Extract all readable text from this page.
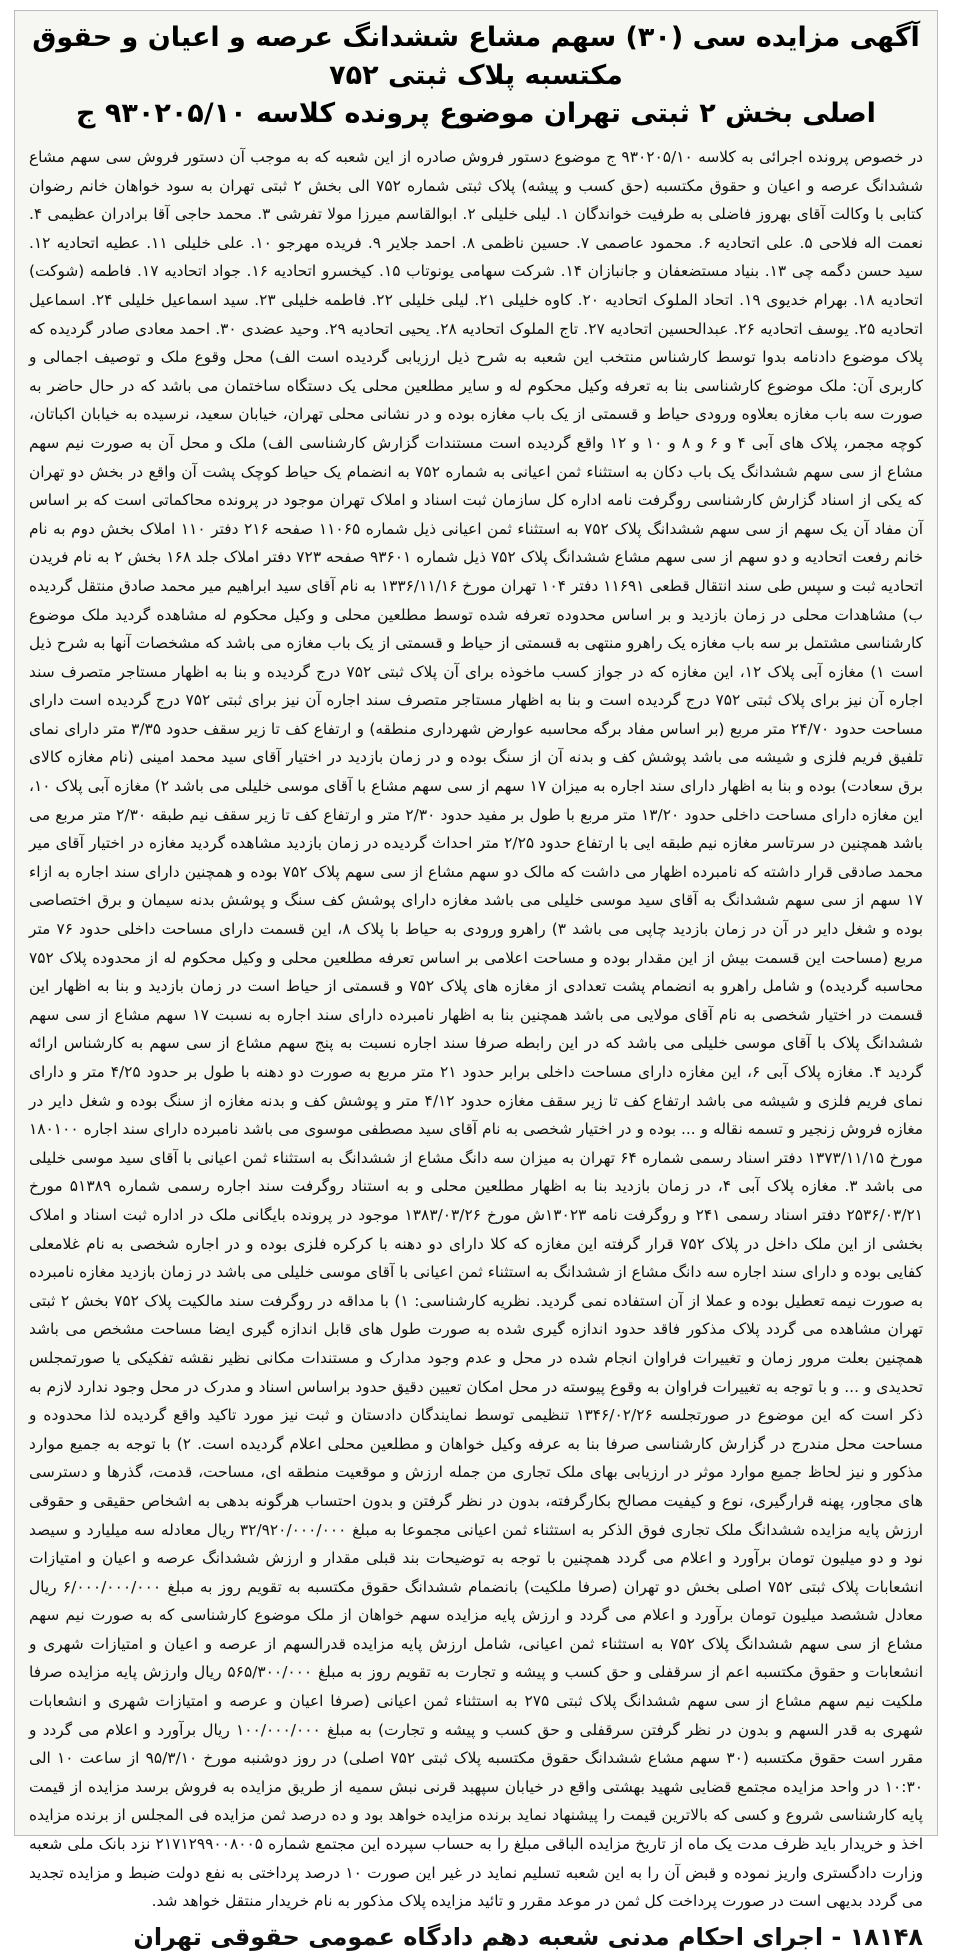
آگهی مزایده سی (۳۰) سهم مشاع ششدانگ عرصه و اعیان و حقوق مکتسبه پلاک ثبتی ۷۵۲
اصلی بخش ۲ ثبتی تهران موضوع پرونده کلاسه ۹۳۰۲۰۵/۱۰ ج

در خصوص پرونده اجرائی به کلاسه ۹۳۰۲۰۵/۱۰ ج موضوع دستور فروش صادره از این شعبه که به موجب آن دستور فروش سی سهم مشاع ششدانگ عرصه و اعیان و حقوق مکتسبه (حق کسب و پیشه) پلاک ثبتی شماره ۷۵۲ الی بخش ۲ ثبتی تهران به سود خواهان خانم رضوان کتابی با وکالت آقای بهروز فاضلی به طرفیت خواندگان ۱. لیلی خلیلی ۲. ابوالقاسم میرزا مولا تفرشی ۳. محمد حاجی آقا برادران عظیمی ۴. نعمت اله فلاحی ۵. علی اتحادیه ۶. محمود عاصمی ۷. حسین ناظمی ۸. احمد جلایر ۹. فریده مهرجو ۱۰. علی خلیلی ۱۱. عطیه اتحادیه ۱۲. سید حسن دگمه چی ۱۳. بنیاد مستضعفان و جانبازان ۱۴. شرکت سهامی یونوتاب ۱۵. کیخسرو اتحادیه ۱۶. جواد اتحادیه ۱۷. فاطمه (شوکت) اتحادیه ۱۸. بهرام خدیوی ۱۹. اتحاد الملوک اتحادیه ۲۰. کاوه خلیلی ۲۱. لیلی خلیلی ۲۲. فاطمه خلیلی ۲۳. سید اسماعیل خلیلی ۲۴. اسماعیل اتحادیه ۲۵. یوسف اتحادیه ۲۶. عبدالحسین اتحادیه ۲۷. تاج الملوک اتحادیه ۲۸. یحیی اتحادیه ۲۹. وحید عضدی ۳۰. احمد معادی صادر گردیده که پلاک موضوع دادنامه بدوا توسط کارشناس منتخب این شعبه به شرح ذیل ارزیابی گردیده است الف) محل وقوع ملک و توصیف اجمالی و کاربری آن: ملک موضوع کارشناسی بنا به تعرفه وکیل محکوم له و سایر مطلعین محلی یک دستگاه ساختمان می باشد که در حال حاضر به صورت سه باب مغازه بعلاوه ورودی حیاط و قسمتی از یک باب مغازه بوده و در نشانی محلی تهران، خیابان سعید، نرسیده به خیابان اکباتان، کوچه مجمر، پلاک های آبی ۴ و ۶ و ۸ و ۱۰ و ۱۲ واقع گردیده است مستندات گزارش کارشناسی الف) ملک و محل آن به صورت نیم سهم مشاع از سی سهم ششدانگ یک باب دکان به استثناء ثمن اعیانی به شماره ۷۵۲ به انضمام یک حیاط کوچک پشت آن واقع در بخش دو تهران که یکی از اسناد گزارش کارشناسی روگرفت نامه اداره کل سازمان ثبت اسناد و املاک تهران موجود در پرونده محاکماتی است که بر اساس آن مفاد آن یک سهم از سی سهم ششدانگ پلاک ۷۵۲ به استثناء ثمن اعیانی ذیل شماره ۱۱۰۶۵ صفحه ۲۱۶ دفتر ۱۱۰ املاک بخش دوم به نام خانم رفعت اتحادیه و دو سهم از سی سهم مشاع ششدانگ پلاک ۷۵۲ ذیل شماره ۹۳۶۰۱ صفحه ۷۲۳ دفتر املاک جلد ۱۶۸ بخش ۲ به نام فریدن اتحادیه ثبت و سپس طی سند انتقال قطعی ۱۱۶۹۱ دفتر ۱۰۴ تهران مورخ ۱۳۳۶/۱۱/۱۶ به نام آقای سید ابراهیم میر محمد صادق منتقل گردیده ب) مشاهدات محلی در زمان بازدید و بر اساس محدوده تعرفه شده توسط مطلعین محلی و وکیل محکوم له مشاهده گردید ملک موضوع کارشناسی مشتمل بر سه باب مغازه یک راهرو منتهی به قسمتی از حیاط و قسمتی از یک باب مغازه می باشد که مشخصات آنها به شرح ذیل است ۱) مغازه آبی پلاک ۱۲، این مغازه که در جواز کسب ماخوذه برای آن پلاک ثبتی ۷۵۲ درج گردیده و بنا به اظهار مستاجر متصرف سند اجاره آن نیز برای پلاک ثبتی ۷۵۲ درج گردیده است و بنا به اظهار مستاجر متصرف سند اجاره آن نیز برای ثبتی ۷۵۲ درج گردیده است دارای مساحت حدود ۲۴/۷۰ متر مربع (بر اساس مفاد برگه محاسبه عوارض شهرداری منطقه) و ارتفاع کف تا زیر سقف حدود ۳/۳۵ متر دارای نمای تلفیق فریم فلزی و شیشه می باشد پوشش کف و بدنه آن از سنگ بوده و در زمان بازدید در اختیار آقای سید محمد امینی (نام مغازه کالای برق سعادت) بوده و بنا به اظهار دارای سند اجاره به میزان ۱۷ سهم از سی سهم مشاع با آقای موسی خلیلی می باشد ۲) مغازه آبی پلاک ۱۰، این مغازه دارای مساحت داخلی حدود ۱۳/۲۰ متر مربع با طول بر مفید حدود ۲/۳۰ متر و ارتفاع کف تا زیر سقف نیم طبقه ۲/۳۰ متر مربع می باشد همچنین در سرتاسر مغازه نیم طبقه ایی با ارتفاع حدود ۲/۲۵ متر احداث گردیده در زمان بازدید مشاهده گردید مغازه در اختیار آقای میر محمد صادقی قرار داشته که نامبرده اظهار می داشت که مالک دو سهم مشاع از سی سهم پلاک ۷۵۲ بوده و همچنین دارای سند اجاره به ازاء ۱۷ سهم از سی سهم ششدانگ به آقای سید موسی خلیلی می باشد مغازه دارای پوشش کف سنگ و پوشش بدنه سیمان و برق اختصاصی بوده و شغل دایر در آن در زمان بازدید چاپی می باشد ۳) راهرو ورودی به حیاط با پلاک ۸، این قسمت دارای مساحت داخلی حدود ۷۶ متر مربع (مساحت این قسمت بیش از این مقدار بوده و مساحت اعلامی بر اساس تعرفه مطلعین محلی و وکیل محکوم له از محدوده پلاک ۷۵۲ محاسبه گردیده) و شامل راهرو به انضمام پشت تعدادی از مغازه های پلاک ۷۵۲ و قسمتی از حیاط است در زمان بازدید و بنا به اظهار این قسمت در اختیار شخصی به نام آقای مولایی می باشد همچنین بنا به اظهار نامبرده دارای سند اجاره به نسبت ۱۷ سهم مشاع از سی سهم ششدانگ پلاک با آقای موسی خلیلی می باشد که در این رابطه صرفا سند اجاره نسبت به پنج سهم مشاع از سی سهم به کارشناس ارائه گردید ۴. مغازه پلاک آبی ۶، این مغازه دارای مساحت داخلی برابر حدود ۲۱ متر مربع به صورت دو دهنه با طول بر حدود ۴/۲۵ متر و دارای نمای فریم فلزی و شیشه می باشد ارتفاع کف تا زیر سقف مغازه حدود ۴/۱۲ متر و پوشش کف و بدنه مغازه از سنگ بوده و شغل دایر در مغازه فروش زنجیر و تسمه نقاله و ... بوده و در اختیار شخصی به نام آقای سید مصطفی موسوی می باشد نامبرده دارای سند اجاره ۱۸۰۱۰۰ مورخ ۱۳۷۳/۱۱/۱۵ دفتر اسناد رسمی شماره ۶۴ تهران به میزان سه دانگ مشاع از ششدانگ به استثناء ثمن اعیانی با آقای سید موسی خلیلی می باشد ۳. مغازه پلاک آبی ۴، در زمان بازدید بنا به اظهار مطلعین محلی و به استناد روگرفت سند اجاره رسمی شماره ۵۱۳۸۹ مورخ ۲۵۳۶/۰۳/۲۱ دفتر اسناد رسمی ۲۴۱ و روگرفت نامه ۱۳۰۲۳ش مورخ ۱۳۸۳/۰۳/۲۶ موجود در پرونده بایگانی ملک در اداره ثبت اسناد و املاک بخشی از این ملک داخل در پلاک ۷۵۲ قرار گرفته این مغازه که کلا دارای دو دهنه با کرکره فلزی بوده و در اجاره شخصی به نام غلامعلی کفایی بوده و دارای سند اجاره سه دانگ مشاع از ششدانگ به استثناء ثمن اعیانی با آقای موسی خلیلی می باشد در زمان بازدید مغازه نامبرده به صورت نیمه تعطیل بوده و عملا از آن استفاده نمی گردید. نظریه کارشناسی: ۱) با مداقه در روگرفت سند مالکیت پلاک ۷۵۲ بخش ۲ ثبتی تهران مشاهده می گردد پلاک مذکور فاقد حدود اندازه گیری شده به صورت طول های قابل اندازه گیری ایضا مساحت مشخص می باشد همچنین بعلت مرور زمان و تغییرات فراوان انجام شده در محل و عدم وجود مدارک و مستندات مکانی نظیر نقشه تفکیکی یا صورتمجلس تحدیدی و ... و با توجه به تغییرات فراوان به وقوع پیوسته در محل امکان تعیین دقیق حدود براساس اسناد و مدرک در محل وجود ندارد لازم به ذکر است که این موضوع در صورتجلسه ۱۳۴۶/۰۲/۲۶ تنظیمی توسط نمایندگان دادستان و ثبت نیز مورد تاکید واقع گردیده لذا محدوده و مساحت محل مندرج در گزارش کارشناسی صرفا بنا به عرفه وکیل خواهان و مطلعین محلی اعلام گردیده است. ۲) با توجه به جمیع موارد مذکور و نیز لحاظ جمیع موارد موثر در ارزیابی بهای ملک تجاری من جمله ارزش و موقعیت منطقه ای، مساحت، قدمت، گذرها و دسترسی های مجاور، پهنه قرارگیری، نوع و کیفیت مصالح بکارگرفته، بدون در نظر گرفتن و بدون احتساب هرگونه بدهی به اشخاص حقیقی و حقوقی ارزش پایه مزایده ششدانگ ملک تجاری فوق الذکر به استثناء ثمن اعیانی مجموعا به مبلغ ۳۲/۹۲۰/۰۰۰/۰۰۰ ریال معادله سه میلیارد و سیصد نود و دو میلیون تومان برآورد و اعلام می گردد همچنین با توجه به توضیحات بند قبلی مقدار و ارزش ششدانگ عرصه و اعیان و امتیازات انشعابات پلاک ثبتی ۷۵۲ اصلی بخش دو تهران (صرفا ملکیت) بانضمام ششدانگ حقوق مکتسبه به تقویم روز به مبلغ ۶/۰۰۰/۰۰۰/۰۰۰ ریال معادل ششصد میلیون تومان برآورد و اعلام می گردد و ارزش پایه مزایده سهم خواهان از ملک موضوع کارشناسی که به صورت نیم سهم مشاع از سی سهم ششدانگ پلاک ۷۵۲ به استثناء ثمن اعیانی، شامل ارزش پایه مزایده قدرالسهم از عرصه و اعیان و امتیازات شهری و انشعابات و حقوق مکتسبه اعم از سرقفلی و حق کسب و پیشه و تجارت به تقویم روز به مبلغ ۵۶۵/۳۰۰/۰۰۰ ریال وارزش پایه مزایده صرفا ملکیت نیم سهم مشاع از سی سهم ششدانگ پلاک ثبتی ۲۷۵ به استثناء ثمن اعیانی (صرفا اعیان و عرصه و امتیازات شهری و انشعابات شهری به قدر السهم و بدون در نظر گرفتن سرقفلی و حق کسب و پیشه و تجارت) به مبلغ ۱۰۰/۰۰۰/۰۰۰ ریال برآورد و اعلام می گردد و مقرر است حقوق مکتسبه (۳۰ سهم مشاع ششدانگ حقوق مکتسبه پلاک ثبتی ۷۵۲ اصلی) در روز دوشنبه مورخ ۹۵/۳/۱۰ از ساعت ۱۰ الی ۱۰:۳۰ در واحد مزایده مجتمع قضایی شهید بهشتی واقع در خیابان سپهبد قرنی نبش سمیه از طریق مزایده به فروش برسد مزایده از قیمت پایه کارشناسی شروع و کسی که بالاترین قیمت را پیشنهاد نماید برنده مزایده خواهد بود و ده درصد ثمن مزایده فی المجلس از برنده مزایده اخذ و خریدار باید ظرف مدت یک ماه از تاریخ مزایده الباقی مبلغ را به حساب سپرده این مجتمع شماره ۲۱۷۱۲۹۹۰۰۸۰۰۵ نزد بانک ملی شعبه وزارت دادگستری واریز نموده و قبض آن را به این شعبه تسلیم نماید در غیر این صورت ۱۰ درصد پرداختی به نفع دولت ضبط و مزایده تجدید می گردد بدیهی است در صورت پرداخت کل ثمن در موعد مقرر و تائید مزایده پلاک مذکور به نام خریدار منتقل خواهد شد.

۱۸۱۴۸ - اجرای احکام مدنی شعبه دهم دادگاه عمومی حقوقی تهران
